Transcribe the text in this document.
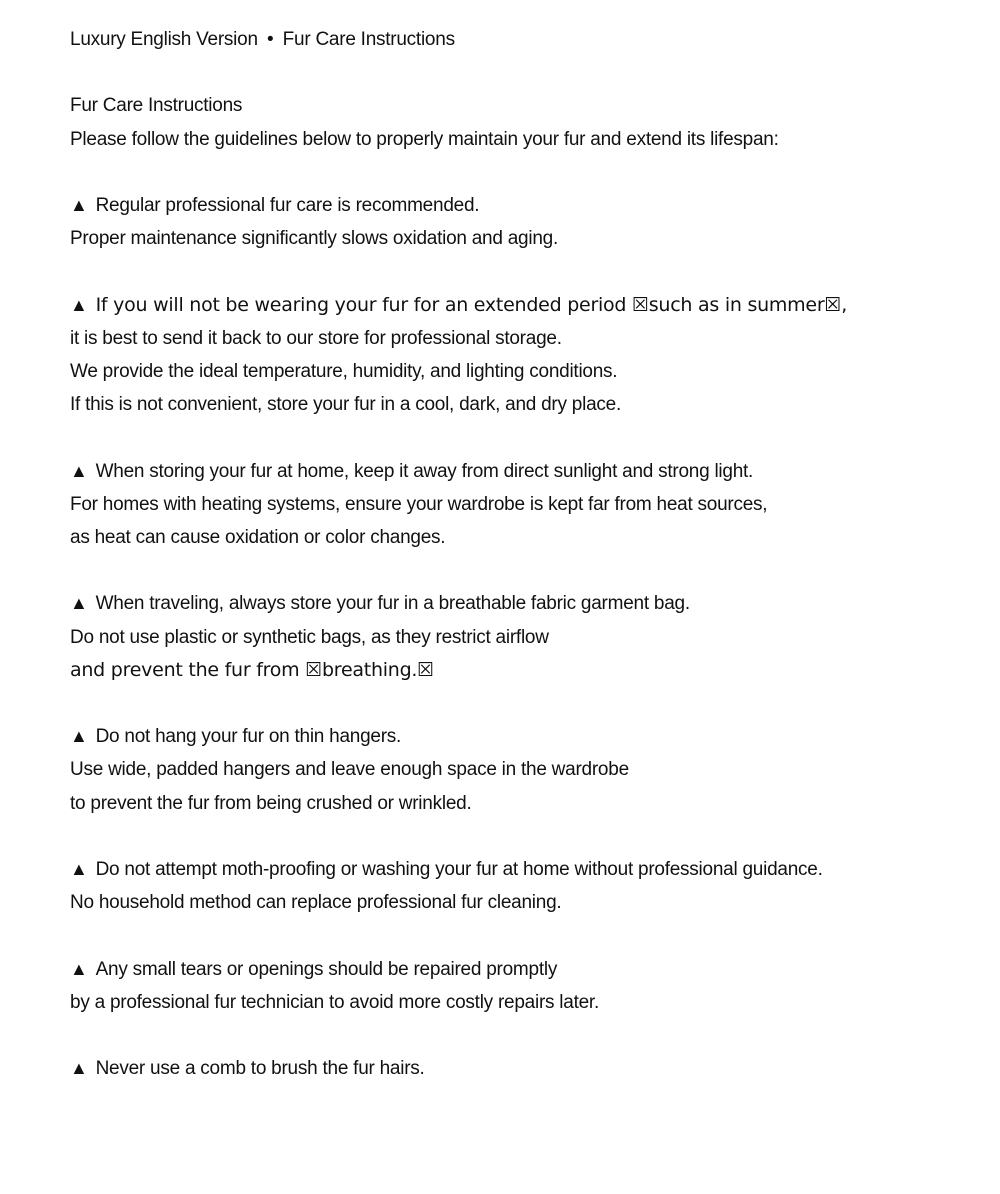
Luxury English Version • Fur Care Instructions

Fur Care Instructions

Please follow the guidelines below to properly maintain your fur and extend its lifespan:

▲ Regular professional fur care is recommended.

Proper maintenance significantly slows oxidation and aging.

▲ If you will not be wearing your fur for an extended period ☒such as in summer☒,

it is best to send it back to our store for professional storage.

We provide the ideal temperature, humidity, and lighting conditions.

If this is not convenient, store your fur in a cool, dark, and dry place.

▲ When storing your fur at home, keep it away from direct sunlight and strong light.

For homes with heating systems, ensure your wardrobe is kept far from heat sources,

as heat can cause oxidation or color changes.

▲ When traveling, always store your fur in a breathable fabric garment bag.

Do not use plastic or synthetic bags, as they restrict airflow

and prevent the fur from ☒breathing.☒

▲ Do not hang your fur on thin hangers.

Use wide, padded hangers and leave enough space in the wardrobe

to prevent the fur from being crushed or wrinkled.

▲ Do not attempt moth-proofing or washing your fur at home without professional guidance.

No household method can replace professional fur cleaning.

▲ Any small tears or openings should be repaired promptly

by a professional fur technician to avoid more costly repairs later.

▲ Never use a comb to brush the fur hairs.
